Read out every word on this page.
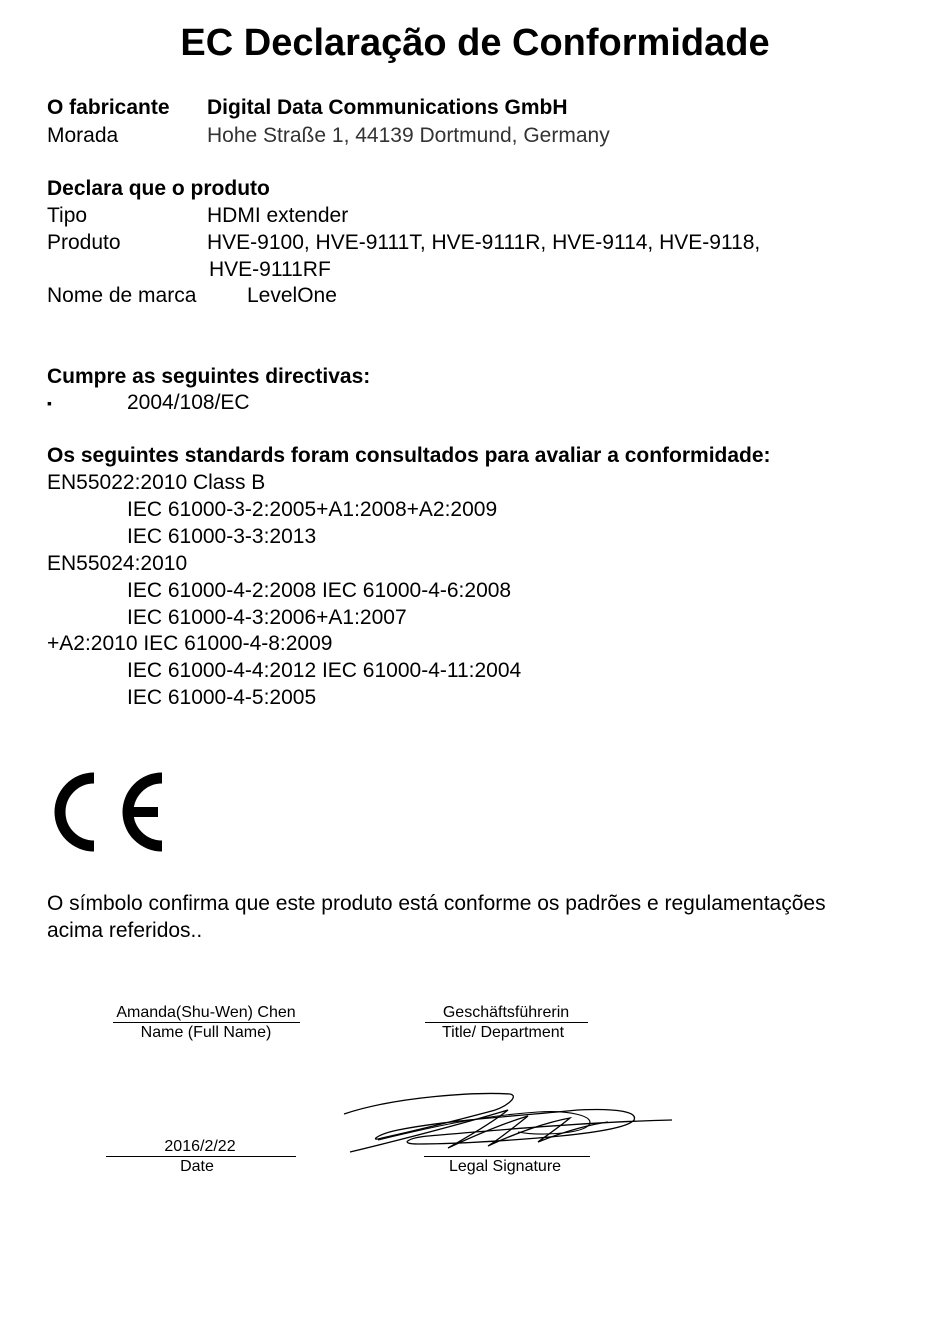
EC Declaração de Conformidade
O fabricante Digital Data Communications GmbH
Morada	Hohe Straße 1, 44139 Dortmund, Germany
Declara que o produto
Tipo	HDMI extender
Produto	HVE-9100, HVE-9111T, HVE-9111R, HVE-9114, HVE-9118,
HVE-9111RF
Nome de marca LevelOne
Cumpre as seguintes directivas:
▪	2004/108/EC
Os seguintes standards foram consultados para avaliar a conformidade:
EN55022:2010 Class B
IEC 61000-3-2:2005+A1:2008+A2:2009
IEC 61000-3-3:2013
EN55024:2010
IEC 61000-4-2:2008 IEC 61000-4-6:2008
IEC 61000-4-3:2006+A1:2007
+A2:2010 IEC 61000-4-8:2009
IEC 61000-4-4:2012 IEC 61000-4-11:2004
IEC 61000-4-5:2005
O símbolo confirma que este produto está conforme os padrões e regulamentações
acima referidos..
Amanda(Shu-Wen) Chen
Name (Full Name)
Geschäftsführerin
Title/ Department
2016/2/22
Date	Legal Signature
